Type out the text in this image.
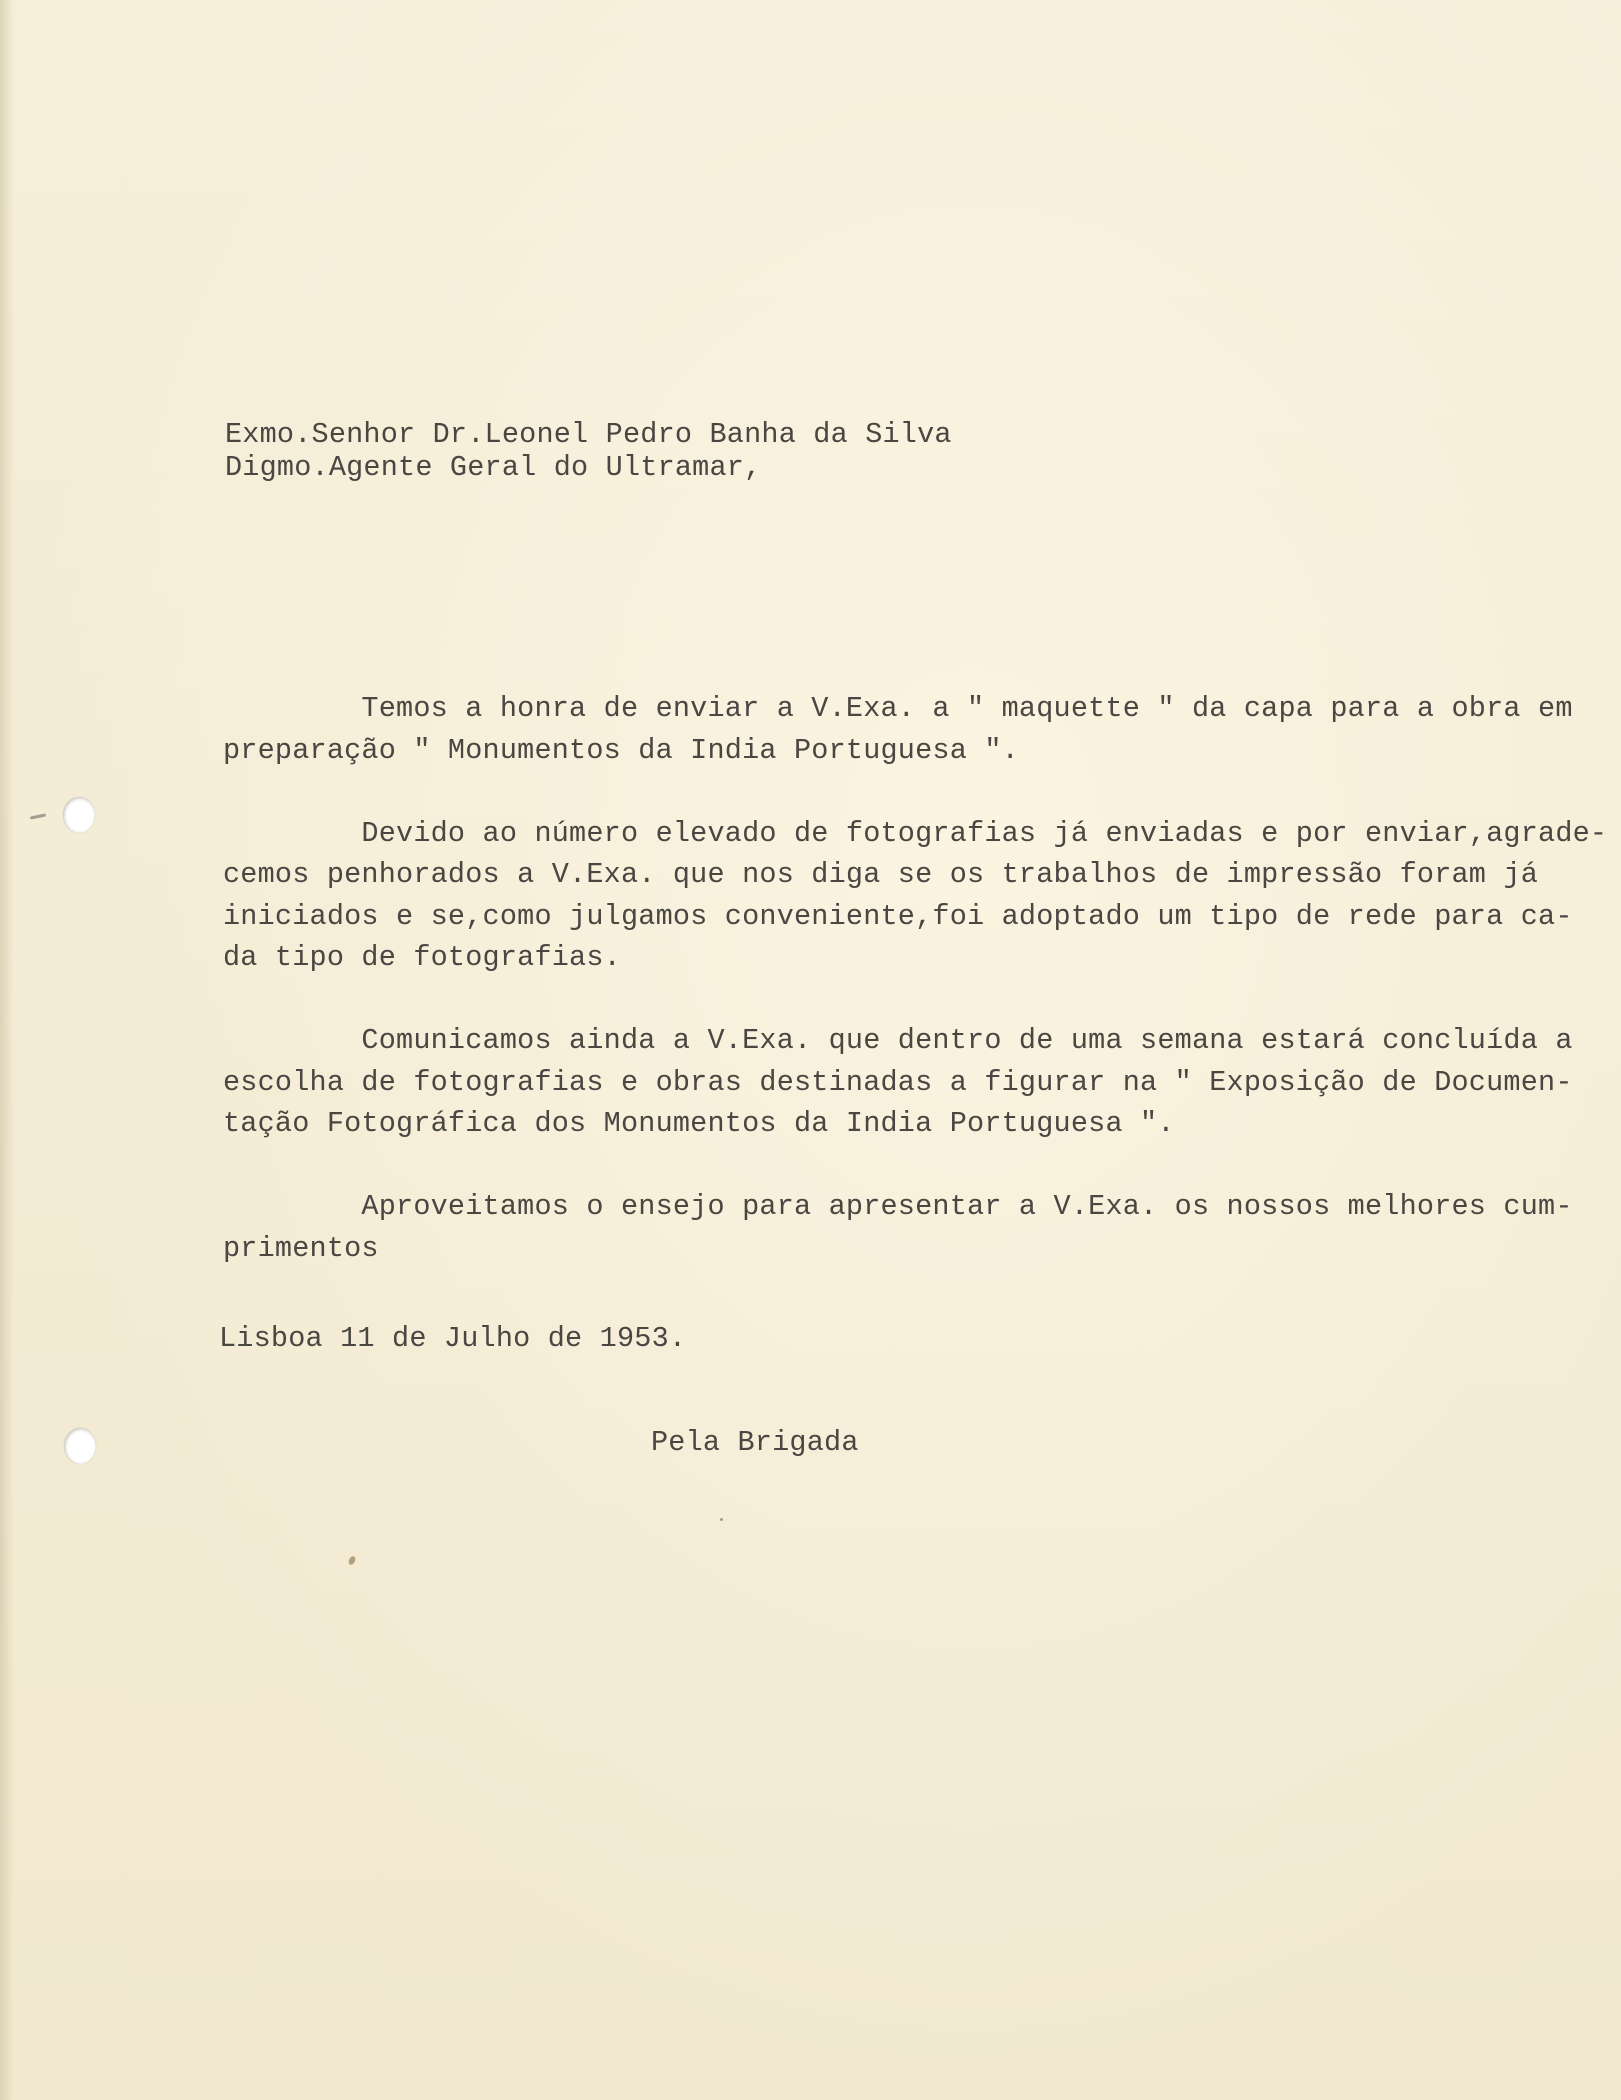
Exmo.Senhor Dr.Leonel Pedro Banha da Silva
Digmo.Agente Geral do Ultramar,
Temos a honra de enviar a V.Exa. a " maquette " da capa para a obra em
preparação " Monumentos da India Portuguesa ".

Devido ao número elevado de fotografias já enviadas e por enviar,agrade-
cemos penhorados a V.Exa. que nos diga se os trabalhos de impressão foram já
iniciados e se,como julgamos conveniente,foi adoptado um tipo de rede para ca-
da tipo de fotografias.

Comunicamos ainda a V.Exa. que dentro de uma semana estará concluída a
escolha de fotografias e obras destinadas a figurar na " Exposição de Documen-
tação Fotográfica dos Monumentos da India Portuguesa ".

Aproveitamos o ensejo para apresentar a V.Exa. os nossos melhores cum-
primentos
Lisboa 11 de Julho de 1953.
Pela Brigada
